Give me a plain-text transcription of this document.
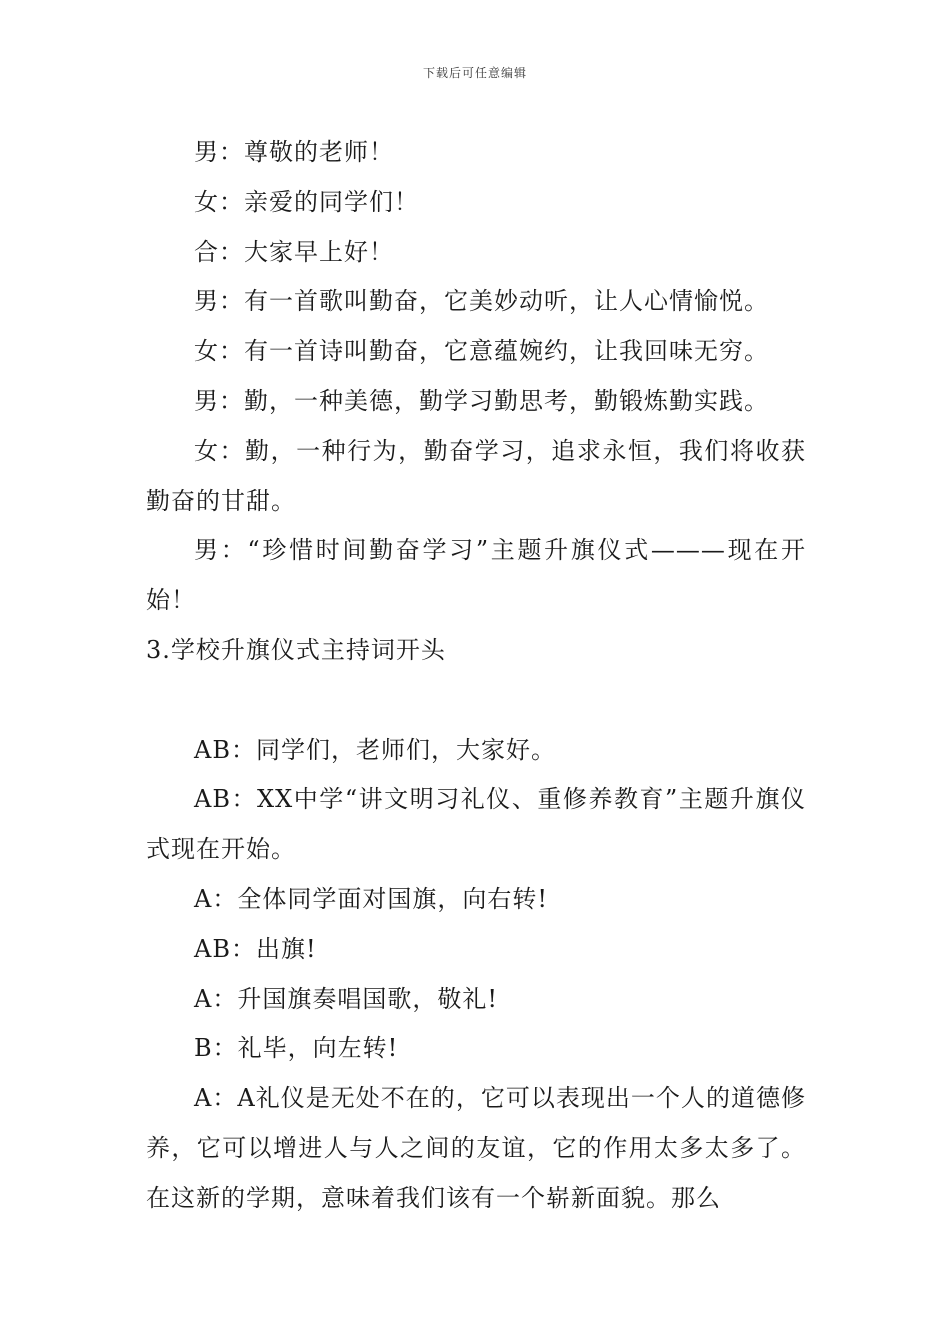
下载后可任意编辑

男：尊敬的老师！

女：亲爱的同学们！

合：大家早上好！

男：有一首歌叫勤奋，它美妙动听，让人心情愉悦。

女：有一首诗叫勤奋，它意蕴婉约，让我回味无穷。

男：勤，一种美德，勤学习勤思考，勤锻炼勤实践。

女：勤，一种行为，勤奋学习，追求永恒，我们将收获勤奋的甘甜。

男：“珍惜时间勤奋学习”主题升旗仪式———现在开始！

3.学校升旗仪式主持词开头

AB：同学们，老师们，大家好。

AB：XX中学“讲文明习礼仪、重修养教育”主题升旗仪式现在开始。

A：全体同学面对国旗，向右转!

AB：出旗!

A：升国旗奏唱国歌，敬礼!

B：礼毕，向左转!

A：A礼仪是无处不在的，它可以表现出一个人的道德修养，它可以增进人与人之间的友谊，它的作用太多太多了。在这新的学期，意味着我们该有一个崭新面貌。那么
